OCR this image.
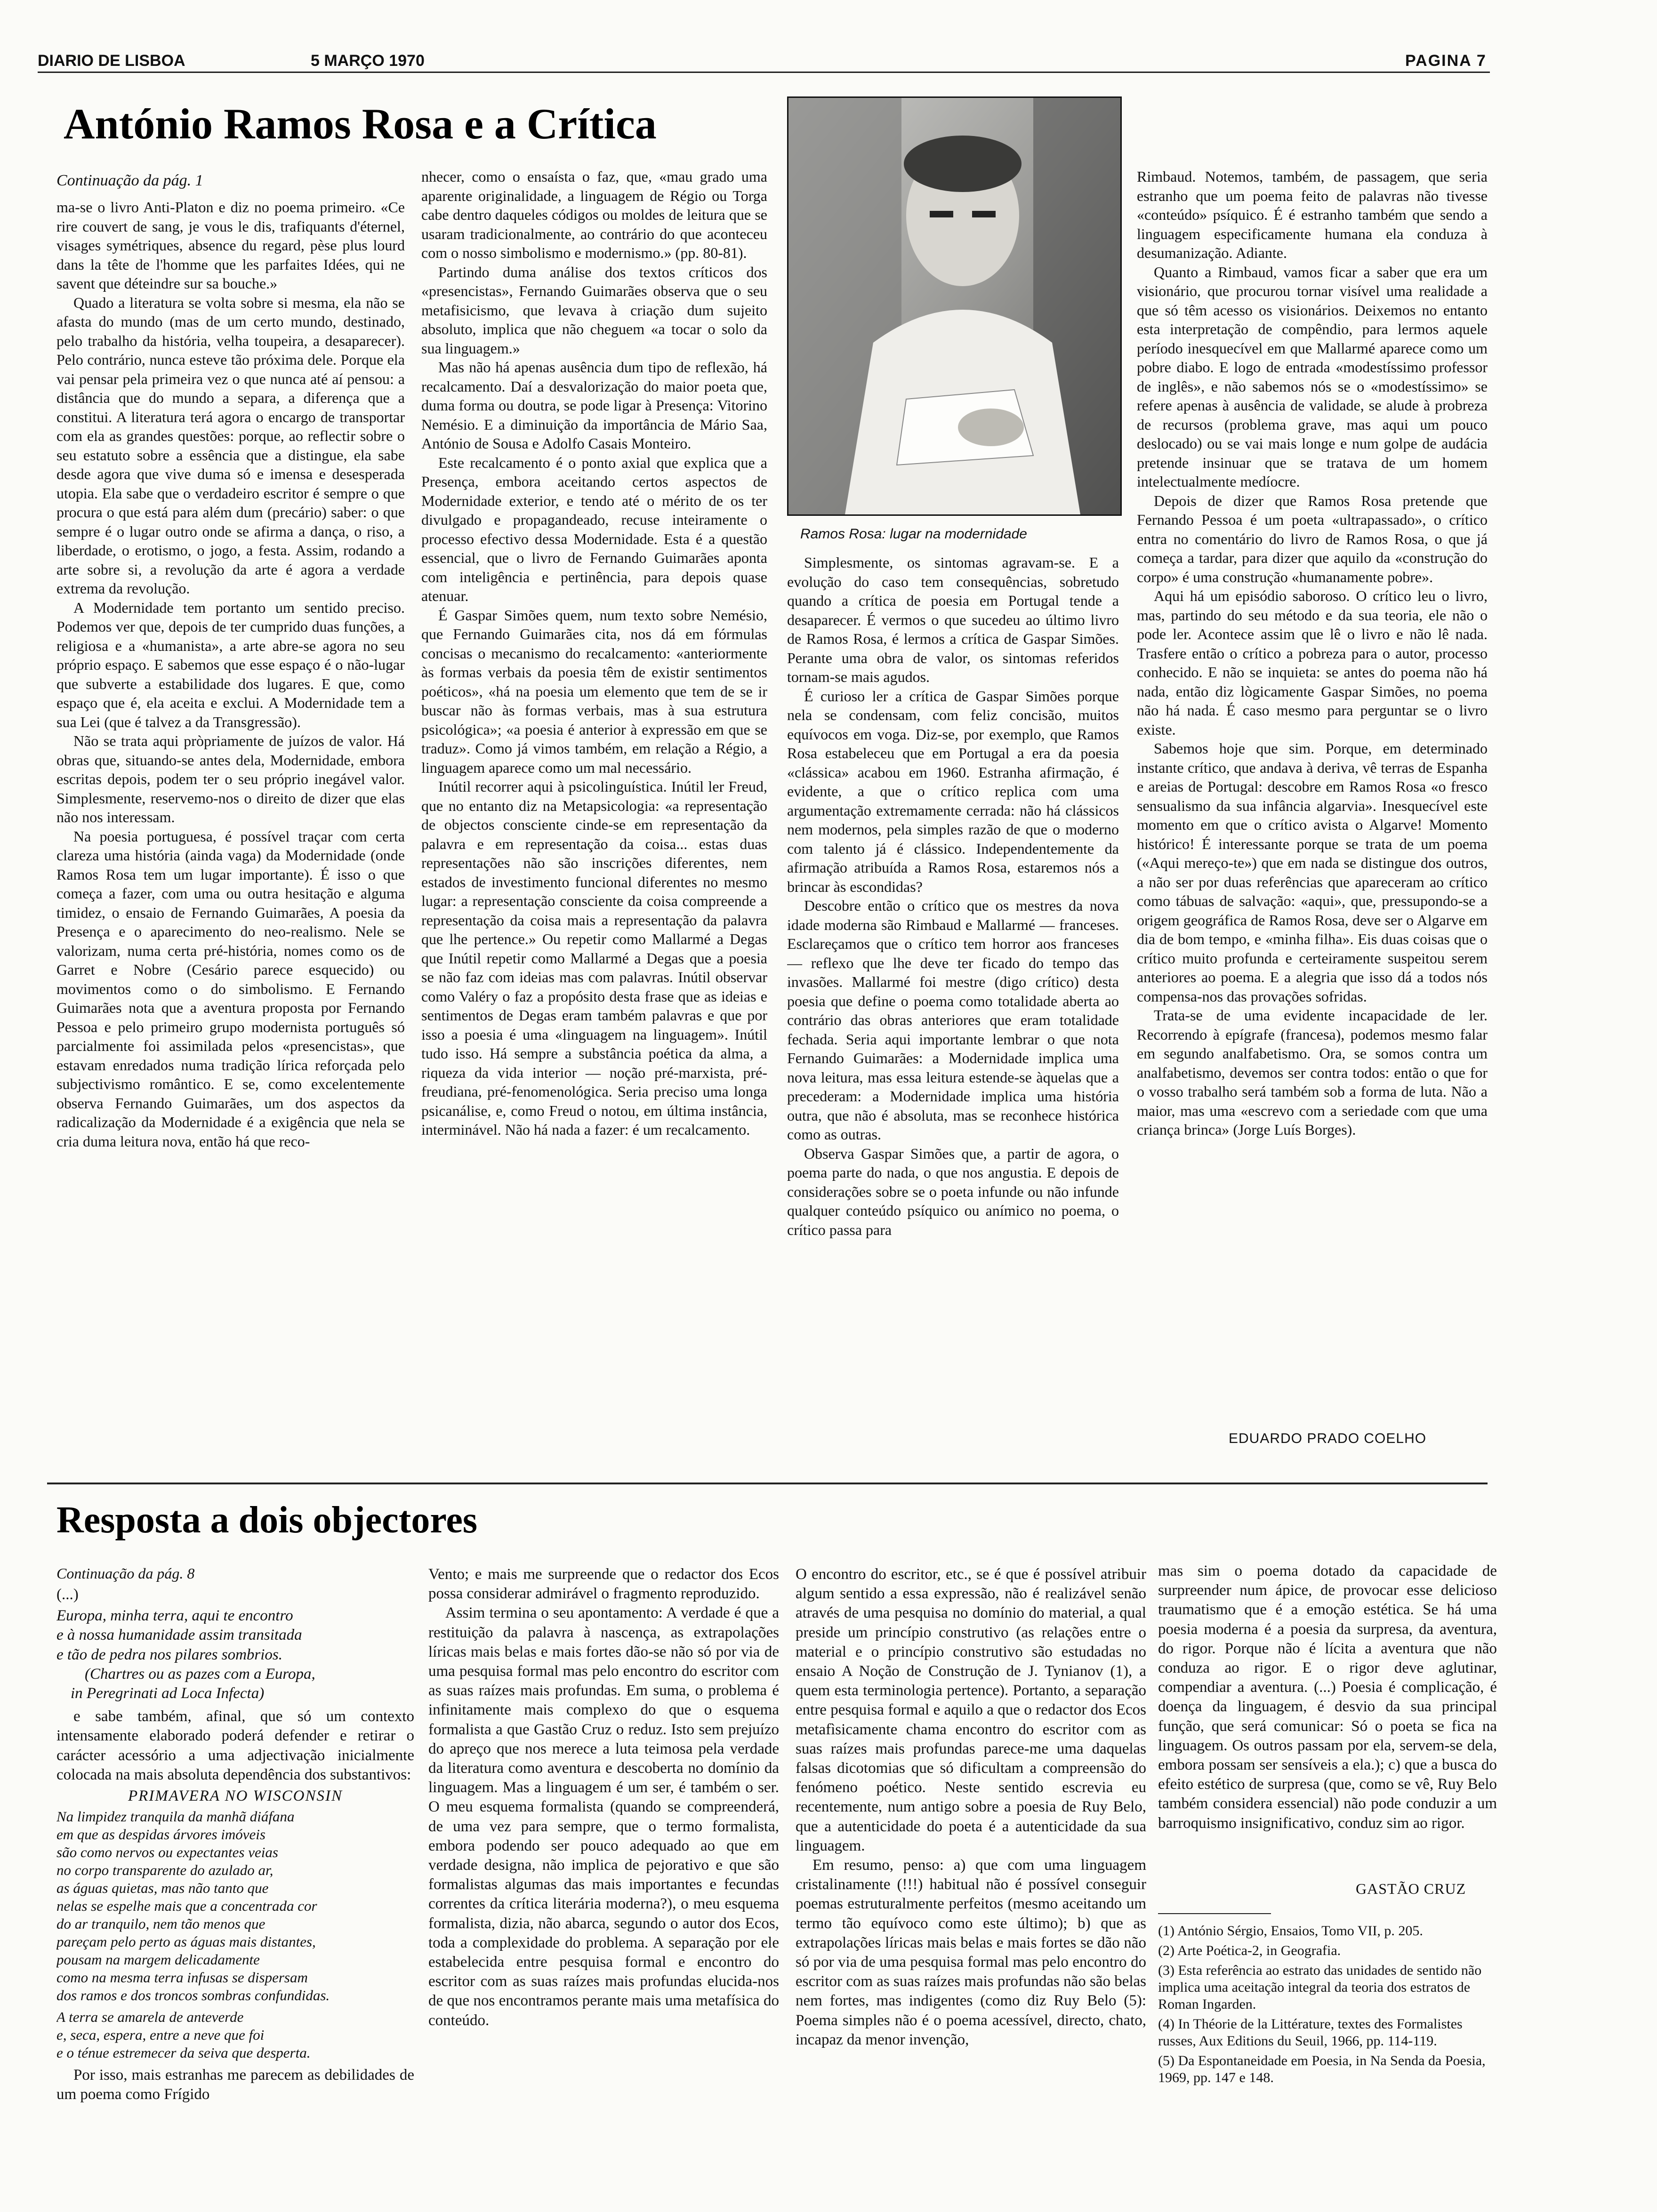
DIARIO DE LISBOA	5 MARÇO 1970	PAGINA 7
António Ramos Rosa e a Crítica
Continuação da pág. 1

ma-se o livro Anti-Platon e diz no poema primeiro. «Ce rire couvert de sang, je vous le dis, trafiquants d'éternel, visages symétriques, absence du regard, pèse plus lourd dans la tête de l'homme que les parfaites Idées, qui ne savent que déteindre sur sa bouche.»

Quado a literatura se volta sobre si mesma, ela não se afasta do mundo (mas de um certo mundo, destinado, pelo trabalho da história, velha toupeira, a desaparecer). Pelo contrário, nunca esteve tão próxima dele. Porque ela vai pensar pela primeira vez o que nunca até aí pensou: a distância que do mundo a separa, a diferença que a constitui. A literatura terá agora o encargo de transportar com ela as grandes questões: porque, ao reflectir sobre o seu estatuto sobre a essência que a distingue, ela sabe desde agora que vive duma só e imensa e desesperada utopia. Ela sabe que o verdadeiro escritor é sempre o que procura o que está para além dum (precário) saber: o que sempre é o lugar outro onde se afirma a dança, o riso, a liberdade, o erotismo, o jogo, a festa. Assim, rodando a arte sobre si, a revolução da arte é agora a verdade extrema da revolução.

A Modernidade tem portanto um sentido preciso. Podemos ver que, depois de ter cumprido duas funções, a religiosa e a «humanista», a arte abre-se agora no seu próprio espaço. E sabemos que esse espaço é o não-lugar que subverte a estabilidade dos lugares. E que, como espaço que é, ela aceita e exclui. A Modernidade tem a sua Lei (que é talvez a da Transgressão).

Não se trata aqui pròpriamente de juízos de valor. Há obras que, situando-se antes dela, Modernidade, embora escritas depois, podem ter o seu próprio inegável valor. Simplesmente, reservemo-nos o direito de dizer que elas não nos interessam.

Na poesia portuguesa, é possível traçar com certa clareza uma história (ainda vaga) da Modernidade (onde Ramos Rosa tem um lugar importante). É isso o que começa a fazer, com uma ou outra hesitação e alguma timidez, o ensaio de Fernando Guimarães, A poesia da Presença e o aparecimento do neo-realismo. Nele se valorizam, numa certa pré-história, nomes como os de Garret e Nobre (Cesário parece esquecido) ou movimentos como o do simbolismo. E Fernando Guimarães nota que a aventura proposta por Fernando Pessoa e pelo primeiro grupo modernista português só parcialmente foi assimilada pelos «presencistas», que estavam enredados numa tradição lírica reforçada pelo subjectivismo romântico. E se, como excelentemente observa Fernando Guimarães, um dos aspectos da radicalização da Modernidade é a exigência que nela se cria duma leitura nova, então há que reco-

nhecer, como o ensaísta o faz, que, «mau grado uma aparente originalidade, a linguagem de Régio ou Torga cabe dentro daqueles códigos ou moldes de leitura que se usaram tradicionalmente, ao contrário do que aconteceu com o nosso simbolismo e modernismo.» (pp. 80-81).

Partindo duma análise dos textos críticos dos «presencistas», Fernando Guimarães observa que o seu metafisicismo, que levava à criação dum sujeito absoluto, implica que não cheguem «a tocar o solo da sua linguagem.»

Mas não há apenas ausência dum tipo de reflexão, há recalcamento. Daí a desvalorização do maior poeta que, duma forma ou doutra, se pode ligar à Presença: Vitorino Nemésio. E a diminuição da importância de Mário Saa, António de Sousa e Adolfo Casais Monteiro.

Este recalcamento é o ponto axial que explica que a Presença, embora aceitando certos aspectos de Modernidade exterior, e tendo até o mérito de os ter divulgado e propagandeado, recuse inteiramente o processo efectivo dessa Modernidade. Esta é a questão essencial, que o livro de Fernando Guimarães aponta com inteligência e pertinência, para depois quase atenuar.

É Gaspar Simões quem, num texto sobre Nemésio, que Fernando Guimarães cita, nos dá em fórmulas concisas o mecanismo do recalcamento: «anteriormente às formas verbais da poesia têm de existir sentimentos poéticos», «há na poesia um elemento que tem de se ir buscar não às formas verbais, mas à sua estrutura psicológica»; «a poesia é anterior à expressão em que se traduz». Como já vimos também, em relação a Régio, a linguagem aparece como um mal necessário.

Inútil recorrer aqui à psicolinguística. Inútil ler Freud, que no entanto diz na Metapsicologia: «a representação de objectos consciente cinde-se em representação da palavra e em representação da coisa... estas duas representações não são inscrições diferentes, nem estados de investimento funcional diferentes no mesmo lugar: a representação consciente da coisa compreende a representação da coisa mais a representação da palavra que lhe pertence.» Ou repetir como Mallarmé a Degas que Inútil repetir como Mallarmé a Degas que a poesia se não faz com ideias mas com palavras. Inútil observar como Valéry o faz a propósito desta frase que as ideias e sentimentos de Degas eram também palavras e que por isso a poesia é uma «linguagem na linguagem». Inútil tudo isso. Há sempre a substância poética da alma, a riqueza da vida interior — noção pré-marxista, pré-freudiana, pré-fenomenológica. Seria preciso uma longa psicanálise, e, como Freud o notou, em última instância, interminável. Não há nada a fazer: é um recalcamento.

Ramos Rosa: lugar na modernidade

Simplesmente, os sintomas agravam-se. E a evolução do caso tem consequências, sobretudo quando a crítica de poesia em Portugal tende a desaparecer. É vermos o que sucedeu ao último livro de Ramos Rosa, é lermos a crítica de Gaspar Simões. Perante uma obra de valor, os sintomas referidos tornam-se mais agudos.

É curioso ler a crítica de Gaspar Simões porque nela se condensam, com feliz concisão, muitos equívocos em voga. Diz-se, por exemplo, que Ramos Rosa estabeleceu que em Portugal a era da poesia «clássica» acabou em 1960. Estranha afirmação, é evidente, a que o crítico replica com uma argumentação extremamente cerrada: não há clássicos nem modernos, pela simples razão de que o moderno com talento já é clássico. Independentemente da afirmação atribuída a Ramos Rosa, estaremos nós a brincar às escondidas?

Descobre então o crítico que os mestres da nova idade moderna são Rimbaud e Mallarmé — franceses. Esclareçamos que o crítico tem horror aos franceses — reflexo que lhe deve ter ficado do tempo das invasões. Mallarmé foi mestre (digo crítico) desta poesia que define o poema como totalidade aberta ao contrário das obras anteriores que eram totalidade fechada. Seria aqui importante lembrar o que nota Fernando Guimarães: a Modernidade implica uma nova leitura, mas essa leitura estende-se àquelas que a precederam: a Modernidade implica uma história outra, que não é absoluta, mas se reconhece histórica como as outras.

Observa Gaspar Simões que, a partir de agora, o poema parte do nada, o que nos angustia. E depois de considerações sobre se o poeta infunde ou não infunde qualquer conteúdo psíquico ou anímico no poema, o crítico passa para

Rimbaud. Notemos, também, de passagem, que seria estranho que um poema feito de palavras não tivesse «conteúdo» psíquico. É é estranho também que sendo a linguagem especificamente humana ela conduza à desumanização. Adiante.

Quanto a Rimbaud, vamos ficar a saber que era um visionário, que procurou tornar visível uma realidade a que só têm acesso os visionários. Deixemos no entanto esta interpretação de compêndio, para lermos aquele período inesquecível em que Mallarmé aparece como um pobre diabo. E logo de entrada «modestíssimo professor de inglês», e não sabemos nós se o «modestíssimo» se refere apenas à ausência de validade, se alude à probreza de recursos (problema grave, mas aqui um pouco deslocado) ou se vai mais longe e num golpe de audácia pretende insinuar que se tratava de um homem intelectualmente medíocre.

Depois de dizer que Ramos Rosa pretende que Fernando Pessoa é um poeta «ultrapassado», o crítico entra no comentário do livro de Ramos Rosa, o que já começa a tardar, para dizer que aquilo da «construção do corpo» é uma construção «humanamente pobre».

Aqui há um episódio saboroso. O crítico leu o livro, mas, partindo do seu método e da sua teoria, ele não o pode ler. Acontece assim que lê o livro e não lê nada. Trasfere então o crítico a pobreza para o autor, processo conhecido. E não se inquieta: se antes do poema não há nada, então diz lògicamente Gaspar Simões, no poema não há nada. É caso mesmo para perguntar se o livro existe.

Sabemos hoje que sim. Porque, em determinado instante crítico, que andava à deriva, vê terras de Espanha e areias de Portugal: descobre em Ramos Rosa «o fresco sensualismo da sua infância algarvia». Inesquecível este momento em que o crítico avista o Algarve! Momento histórico! É interessante porque se trata de um poema («Aqui mereço-te») que em nada se distingue dos outros, a não ser por duas referências que apareceram ao crítico como tábuas de salvação: «aqui», que, pressupondo-se a origem geográfica de Ramos Rosa, deve ser o Algarve em dia de bom tempo, e «minha filha». Eis duas coisas que o crítico muito profunda e certeiramente suspeitou serem anteriores ao poema. E a alegria que isso dá a todos nós compensa-nos das provações sofridas.

Trata-se de uma evidente incapacidade de ler. Recorrendo à epígrafe (francesa), podemos mesmo falar em segundo analfabetismo. Ora, se somos contra um analfabetismo, devemos ser contra todos: então o que for o vosso trabalho será também sob a forma de luta. Não a maior, mas uma «escrevo com a seriedade com que uma criança brinca» (Jorge Luís Borges).

EDUARDO PRADO COELHO
Resposta a dois objectores
Continuação da pág. 8

(...)

Europa, minha terra, aqui te encontro
e à nossa humanidade assim transitada
e tão de pedra nos pilares sombrios.
(Chartres ou as pazes com a Europa,
in Peregrinati ad Loca Infecta)

e sabe também, afinal, que só um contexto intensamente elaborado poderá defender e retirar o carácter acessório a uma adjectivação inicialmente colocada na mais absoluta dependência dos substantivos:

PRIMAVERA NO WISCONSIN
Na limpidez tranquila da manhã diáfana
em que as despidas árvores imóveis
são como nervos ou expectantes veias
no corpo transparente do azulado ar,
as águas quietas, mas não tanto que
nelas se espelhe mais que a concentrada cor
do ar tranquilo, nem tão menos que
pareçam pelo perto as águas mais distantes,
pousam na margem delicadamente
como na mesma terra infusas se dispersam
dos ramos e dos troncos sombras confundidas.
A terra se amarela de anteverde
e, seca, espera, entre a neve que foi
e o ténue estremecer da seiva que desperta.

Por isso, mais estranhas me parecem as debilidades de um poema como Frígido

Vento; e mais me surpreende que o redactor dos Ecos possa considerar admirável o fragmento reproduzido.

Assim termina o seu apontamento: A verdade é que a restituição da palavra à nascença, as extrapolações líricas mais belas e mais fortes dão-se não só por via de uma pesquisa formal mas pelo encontro do escritor com as suas raízes mais profundas. Em suma, o problema é infinitamente mais complexo do que o esquema formalista a que Gastão Cruz o reduz. Isto sem prejuízo do apreço que nos merece a luta teimosa pela verdade da literatura como aventura e descoberta no domínio da linguagem. Mas a linguagem é um ser, é também o ser. O meu esquema formalista (quando se compreenderá, de uma vez para sempre, que o termo formalista, embora podendo ser pouco adequado ao que em verdade designa, não implica de pejorativo e que são formalistas algumas das mais importantes e fecundas correntes da crítica literária moderna?), o meu esquema formalista, dizia, não abarca, segundo o autor dos Ecos, toda a complexidade do problema. A separação por ele estabelecida entre pesquisa formal e encontro do escritor com as suas raízes mais profundas elucida-nos de que nos encontramos perante mais uma metafísica do conteúdo.

O encontro do escritor, etc., se é que é possível atribuir algum sentido a essa expressão, não é realizável senão através de uma pesquisa no domínio do material, a qual preside um princípio construtivo (as relações entre o material e o princípio construtivo são estudadas no ensaio A Noção de Construção de J. Tynianov (1), a quem esta terminologia pertence). Portanto, a separação entre pesquisa formal e aquilo a que o redactor dos Ecos metafìsicamente chama encontro do escritor com as suas raízes mais profundas parece-me uma daquelas falsas dicotomias que só dificultam a compreensão do fenómeno poético. Neste sentido escrevia eu recentemente, num antigo sobre a poesia de Ruy Belo, que a autenticidade do poeta é a autenticidade da sua linguagem.

Em resumo, penso: a) que com uma linguagem cristalinamente (!!!) habitual não é possível conseguir poemas estruturalmente perfeitos (mesmo aceitando um termo tão equívoco como este último); b) que as extrapolações líricas mais belas e mais fortes se dão não só por via de uma pesquisa formal mas pelo encontro do escritor com as suas raízes mais profundas não são belas nem fortes, mas indigentes (como diz Ruy Belo (5): Poema simples não é o poema acessível, directo, chato, incapaz da menor invenção,

mas sim o poema dotado da capacidade de surpreender num ápice, de provocar esse delicioso traumatismo que é a emoção estética. Se há uma poesia moderna é a poesia da surpresa, da aventura, do rigor. Porque não é lícita a aventura que não conduza ao rigor. E o rigor deve aglutinar, compendiar a aventura. (...) Poesia é complicação, é doença da linguagem, é desvio da sua principal função, que será comunicar: Só o poeta se fica na linguagem. Os outros passam por ela, servem-se dela, embora possam ser sensíveis a ela.); c) que a busca do efeito estético de surpresa (que, como se vê, Ruy Belo também considera essencial) não pode conduzir a um barroquismo insignificativo, conduz sim ao rigor.

GASTÃO CRUZ
(1) António Sérgio, Ensaios, Tomo VII, p. 205.
(2) Arte Poética-2, in Geografia.
(3) Esta referência ao estrato das unidades de sentido não implica uma aceitação integral da teoria dos estratos de Roman Ingarden.
(4) In Théorie de la Littérature, textes des Formalistes russes, Aux Editions du Seuil, 1966, pp. 114-119.
(5) Da Espontaneidade em Poesia, in Na Senda da Poesia, 1969, pp. 147 e 148.
